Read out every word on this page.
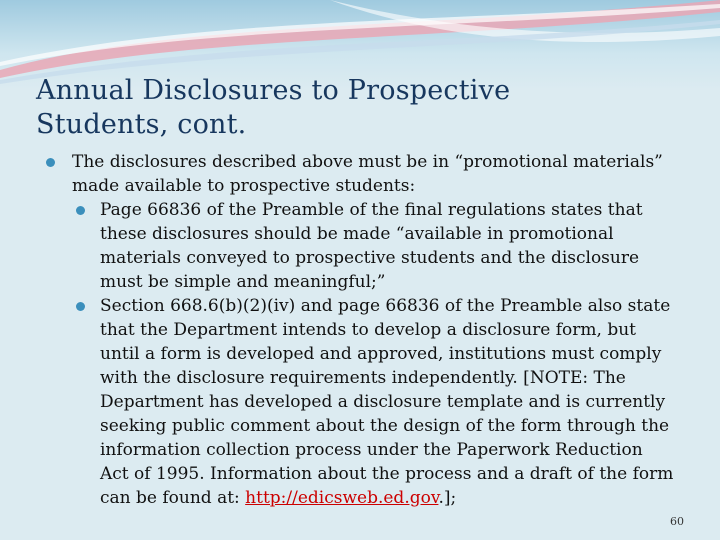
Annual Disclosures to Prospective
Students, cont.

The disclosures described above must be in “promotional materials” made available to prospective students:

Page 66836 of the Preamble of the final regulations states that these disclosures should be made “available in promotional materials conveyed to prospective students and the disclosure must be simple and meaningful;”

Section 668.6(b)(2)(iv) and page 66836 of the Preamble also state that the Department intends to develop a disclosure form, but until a form is developed and approved, institutions must comply with the disclosure requirements independently. [NOTE: The Department has developed a disclosure template and is currently seeking public comment about the design of the form through the information collection process under the Paperwork Reduction Act of 1995. Information about the process and a draft of the form can be found at: http://edicsweb.ed.gov.];

60
